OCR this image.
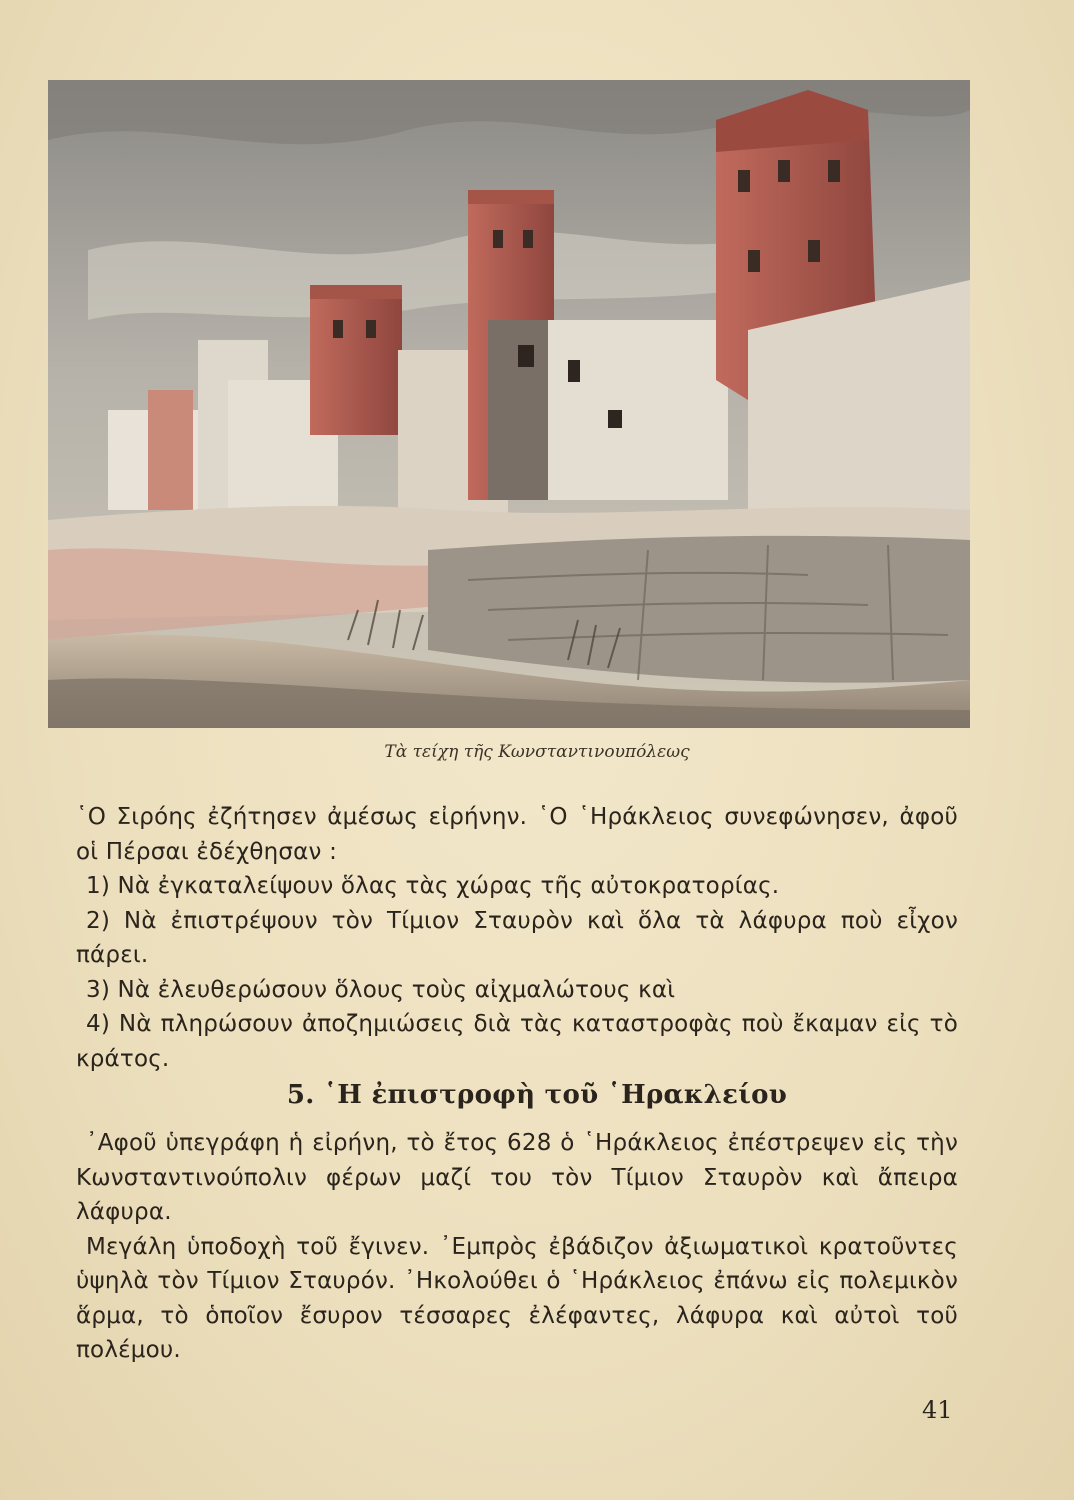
Τὰ τείχη τῆς Κωνσταντινουπόλεως

῾Ο Σιρόης ἐζήτησεν ἀμέσως εἰρήνην. ῾Ο ῾Ηράκλειος συνεφώνησεν, ἀφοῦ οἱ Πέρσαι ἐδέχθησαν :

1) Νὰ ἐγκαταλείψουν ὅλας τὰς χώρας τῆς αὐτοκρατορίας.

2) Νὰ ἐπιστρέψουν τὸν Τίμιον Σταυρὸν καὶ ὅλα τὰ λάφυρα ποὺ εἶχον πάρει.

3) Νὰ ἐλευθερώσουν ὅλους τοὺς αἰχμαλώτους καὶ

4) Νὰ πληρώσουν ἀποζημιώσεις διὰ τὰς καταστροφὰς ποὺ ἔκαμαν εἰς τὸ κράτος.

5. ῾Η ἐπιστροφὴ τοῦ ῾Ηρακλείου

᾿Αφοῦ ὑπεγράφη ἡ εἰρήνη, τὸ ἔτος 628 ὁ ῾Ηράκλειος ἐπέστρεψεν εἰς τὴν Κωνσταντινούπολιν φέρων μαζί του τὸν Τίμιον Σταυρὸν καὶ ἄπειρα λάφυρα.

Μεγάλη ὑποδοχὴ τοῦ ἔγινεν. ᾿Εμπρὸς ἐβάδιζον ἀξιωματικοὶ κρατοῦντες ὑψηλὰ τὸν Τίμιον Σταυρόν. ᾿Ηκολούθει ὁ ῾Ηράκλειος ἐπάνω εἰς πολεμικὸν ἅρμα, τὸ ὁποῖον ἔσυρον τέσσαρες ἐλέφαντες, λάφυρα καὶ αὐτοὶ τοῦ πολέμου.

41
